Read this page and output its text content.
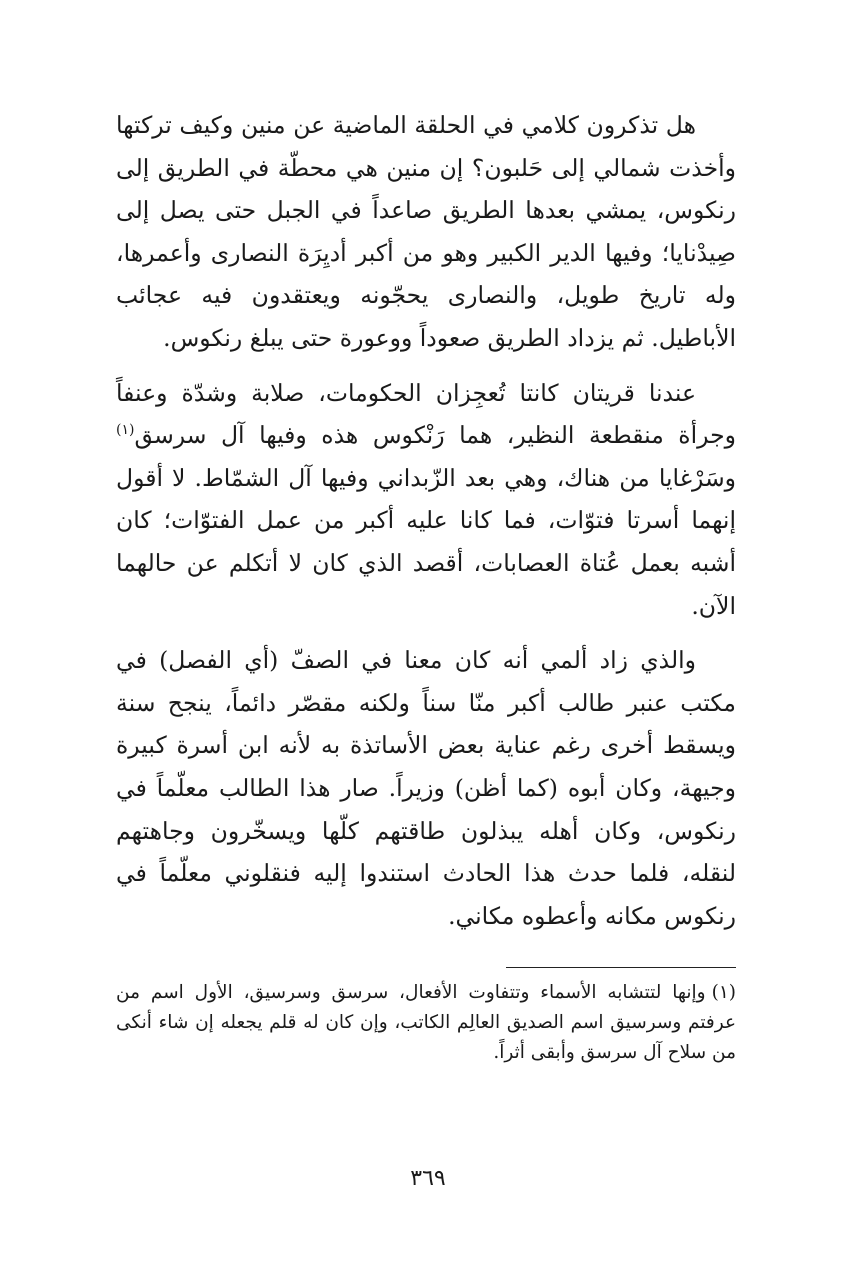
هل تذكرون كلامي في الحلقة الماضية عن منين وكيف تركتها وأخذت شمالي إلى حَلبون؟ إن منين هي محطّة في الطريق إلى رنكوس، يمشي بعدها الطريق صاعداً في الجبل حتى يصل إلى صِيدْنايا؛ وفيها الدير الكبير وهو من أكبر أديِرَة النصارى وأعمرها، وله تاريخ طويل، والنصارى يحجّونه ويعتقدون فيه عجائب الأباطيل. ثم يزداد الطريق صعوداً ووعورة حتى يبلغ رنكوس.

عندنا قريتان كانتا تُعجِزان الحكومات، صلابة وشدّة وعنفاً وجرأة منقطعة النظير، هما رَنْكوس هذه وفيها آل سرسق$^{(١)}$ وسَرْغايا من هناك، وهي بعد الزّبداني وفيها آل الشمّاط. لا أقول إنهما أسرتا فتوّات، فما كانا عليه أكبر من عمل الفتوّات؛ كان أشبه بعمل عُتاة العصابات، أقصد الذي كان لا أتكلم عن حالهما الآن.

والذي زاد ألمي أنه كان معنا في الصفّ (أي الفصل) في مكتب عنبر طالب أكبر منّا سناً ولكنه مقصّر دائماً، ينجح سنة ويسقط أخرى رغم عناية بعض الأساتذة به لأنه ابن أسرة كبيرة وجيهة، وكان أبوه (كما أظن) وزيراً. صار هذا الطالب معلّماً في رنكوس، وكان أهله يبذلون طاقتهم كلّها ويسخّرون وجاهتهم لنقله، فلما حدث هذا الحادث استندوا إليه فنقلوني معلّماً في رنكوس مكانه وأعطوه مكاني.

(١)وإنها لتتشابه الأسماء وتتفاوت الأفعال، سرسق وسرسيق، الأول اسم من عرفتم وسرسيق اسم الصديق العالِم الكاتب، وإن كان له قلم يجعله إن شاء أنكى من سلاح آل سرسق وأبقى أثراً.

٣٦٩
